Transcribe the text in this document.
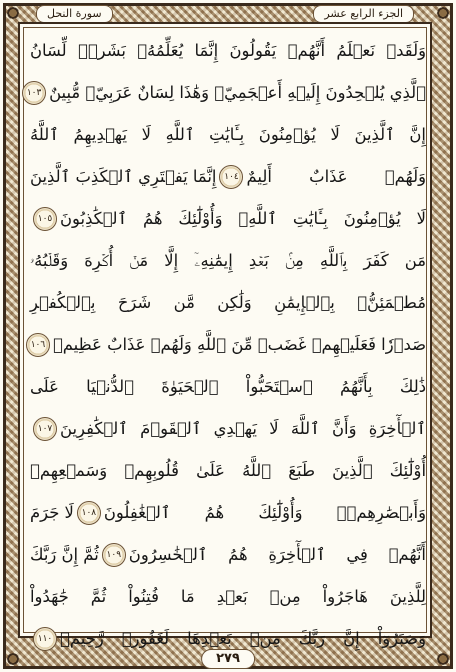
سورة النحل	الجزء الرابع عشر
وَلَقَدۡ نَعۡلَمُ أَنَّهُمۡ يَقُولُونَ إِنَّمَا يُعَلِّمُهُۥ بَشَرٞۗ لِّسَانُ
ٱلَّذِي يُلۡحِدُونَ إِلَيۡهِ أَعۡجَمِيّٞ وَهَٰذَا لِسَانٌ عَرَبِيّٞ مُّبِينٌ
١٠٣
إِنَّ ٱلَّذِينَ لَا يُؤۡمِنُونَ بِـَٔايَٰتِ ٱللَّهِ لَا يَهۡدِيهِمُ ٱللَّهُ
وَلَهُمۡ عَذَابٌ أَلِيمٌ
١٠٤
إِنَّمَا يَفۡتَرِي ٱلۡكَذِبَ ٱلَّذِينَ
لَا يُؤۡمِنُونَ بِـَٔايَٰتِ ٱللَّهِۖ وَأُوْلَٰٓئِكَ هُمُ ٱلۡكَٰذِبُونَ
١٠٥
مَن كَفَرَ بِٱللَّهِ مِنۢ بَعۡدِ إِيمَٰنِهِۦٓ إِلَّا مَنۡ أُكۡرِهَ وَقَلۡبُهُۥ
مُطۡمَئِنُّۢ بِٱلۡإِيمَٰنِ وَلَٰكِن مَّن شَرَحَ بِٱلۡكُفۡرِ
صَدۡرٗا فَعَلَيۡهِمۡ غَضَبٞ مِّنَ ٱللَّهِ وَلَهُمۡ عَذَابٌ عَظِيمٞ
١٠٦
ذَٰلِكَ بِأَنَّهُمُ ٱسۡتَحَبُّواْ ٱلۡحَيَوٰةَ ٱلدُّنۡيَا عَلَى
ٱلۡأٓخِرَةِ وَأَنَّ ٱللَّهَ لَا يَهۡدِي ٱلۡقَوۡمَ ٱلۡكَٰفِرِينَ
١٠٧
أُوْلَٰٓئِكَ ٱلَّذِينَ طَبَعَ ٱللَّهُ عَلَىٰ قُلُوبِهِمۡ وَسَمۡعِهِمۡ
وَأَبۡصَٰرِهِمۡۖ وَأُوْلَٰٓئِكَ هُمُ ٱلۡغَٰفِلُونَ
١٠٨
لَا جَرَمَ
أَنَّهُمۡ فِي ٱلۡأٓخِرَةِ هُمُ ٱلۡخَٰسِرُونَ
١٠٩
ثُمَّ إِنَّ رَبَّكَ
لِلَّذِينَ هَاجَرُواْ مِنۢ بَعۡدِ مَا فُتِنُواْ ثُمَّ جَٰهَدُواْ
وَصَبَرُوٓاْ إِنَّ رَبَّكَ مِنۢ بَعۡدِهَا لَغَفُورٞ رَّحِيمٞ
١١٠
٢٧٩
